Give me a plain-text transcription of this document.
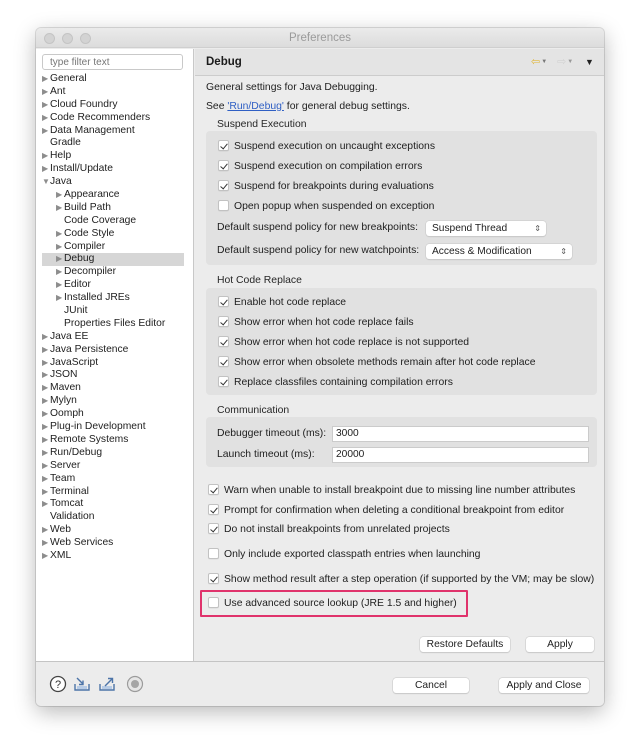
Preferences
type filter text
▶ General
▶ Ant
▶ Cloud Foundry
▶ Code Recommenders
▶ Data Management
Gradle
▶ Help
▶ Install/Update
▼Java
▶ Appearance
▶ Build Path
Code Coverage
▶ Code Style
▶ Compiler
▶ Debug
▶ Decompiler
▶ Editor
▶ Installed JREs
JUnit
Properties Files Editor
▶ Java EE
▶ Java Persistence
▶ JavaScript
▶ JSON
▶ Maven
▶ Mylyn
▶ Oomph
▶ Plug-in Development
▶ Remote Systems
▶ Run/Debug
▶ Server
▶ Team
▶ Terminal
▶ Tomcat
Validation
▶ Web
▶ Web Services
▶ XML
Debug	⇦▼ ⇨▼ ▼
General settings for Java Debugging.
See 'Run/Debug' for general debug settings.
Suspend Execution
Suspend execution on uncaught exceptions
Suspend execution on compilation errors
Suspend for breakpoints during evaluations
Open popup when suspended on exception
Default suspend policy for new breakpoints:	Suspend Thread	⇕
Default suspend policy for new watchpoints:	Access & Modification	⇕
Hot Code Replace
Enable hot code replace
Show error when hot code replace fails
Show error when hot code replace is not supported
Show error when obsolete methods remain after hot code replace
Replace classfiles containing compilation errors
Communication
Debugger timeout (ms): 3000
Launch timeout (ms):	20000
Warn when unable to install breakpoint due to missing line number attributes
Prompt for confirmation when deleting a conditional breakpoint from editor
Do not install breakpoints from unrelated projects
Only include exported classpath entries when launching
Show method result after a step operation (if supported by the VM; may be slow)
Use advanced source lookup (JRE 1.5 and higher)
Restore Defaults	Apply
?	Cancel	Apply and Close
